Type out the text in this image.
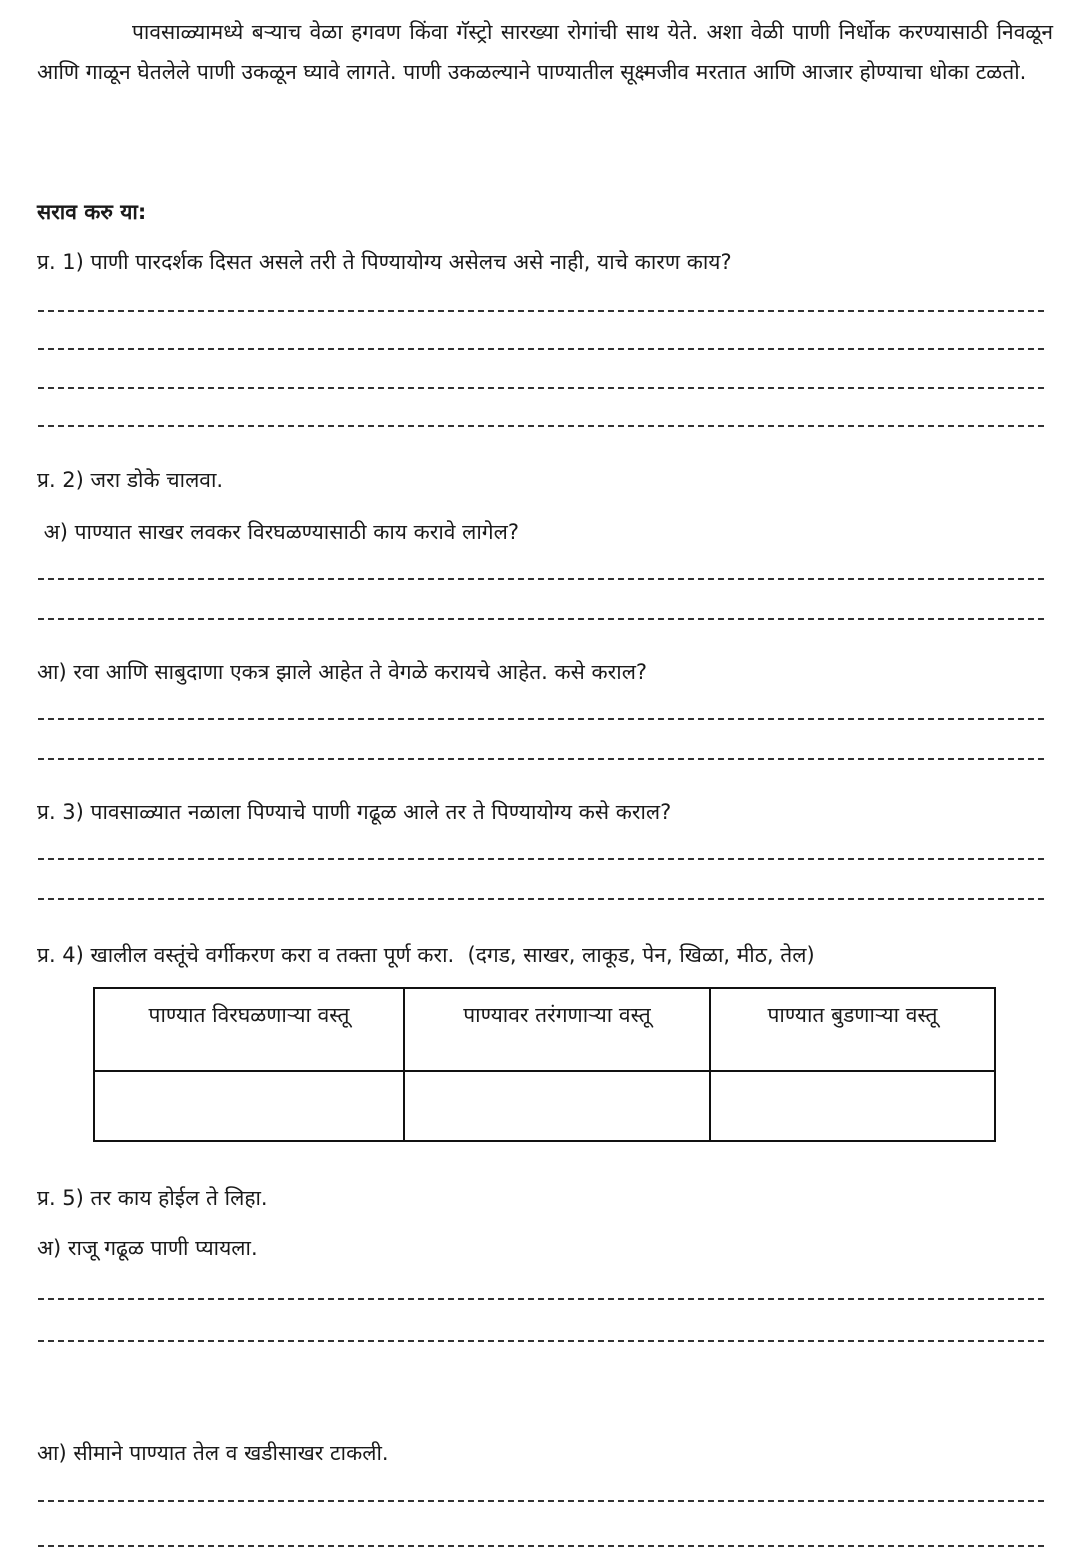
पावसाळ्यामध्ये बऱ्याच वेळा हगवण किंवा गॅस्ट्रो सारख्या रोगांची साथ येते. अशा वेळी पाणी निर्धोक करण्यासाठी निवळून आणि गाळून घेतलेले पाणी उकळून घ्यावे लागते. पाणी उकळल्याने पाण्यातील सूक्ष्मजीव मरतात आणि आजार होण्याचा धोका टळतो.
सराव करु या:
प्र. 1) पाणी पारदर्शक दिसत असले तरी ते पिण्यायोग्य असेलच असे नाही, याचे कारण काय?
प्र. 2) जरा डोके चालवा.
अ) पाण्यात साखर लवकर विरघळण्यासाठी काय करावे लागेल?
आ) रवा आणि साबुदाणा एकत्र झाले आहेत ते वेगळे करायचे आहेत. कसे कराल?
प्र. 3) पावसाळ्यात नळाला पिण्याचे पाणी गढूळ आले तर ते पिण्यायोग्य कसे कराल?
प्र. 4) खालील वस्तूंचे वर्गीकरण करा व तक्ता पूर्ण करा.  (दगड, साखर, लाकूड, पेन, खिळा, मीठ, तेल)
पाण्यात विरघळणाऱ्या वस्तू	पाण्यावर तरंगणाऱ्या वस्तू	पाण्यात बुडणाऱ्या वस्तू

प्र. 5) तर काय होईल ते लिहा.
अ) राजू गढूळ पाणी प्यायला.
आ) सीमाने पाण्यात तेल व खडीसाखर टाकली.
